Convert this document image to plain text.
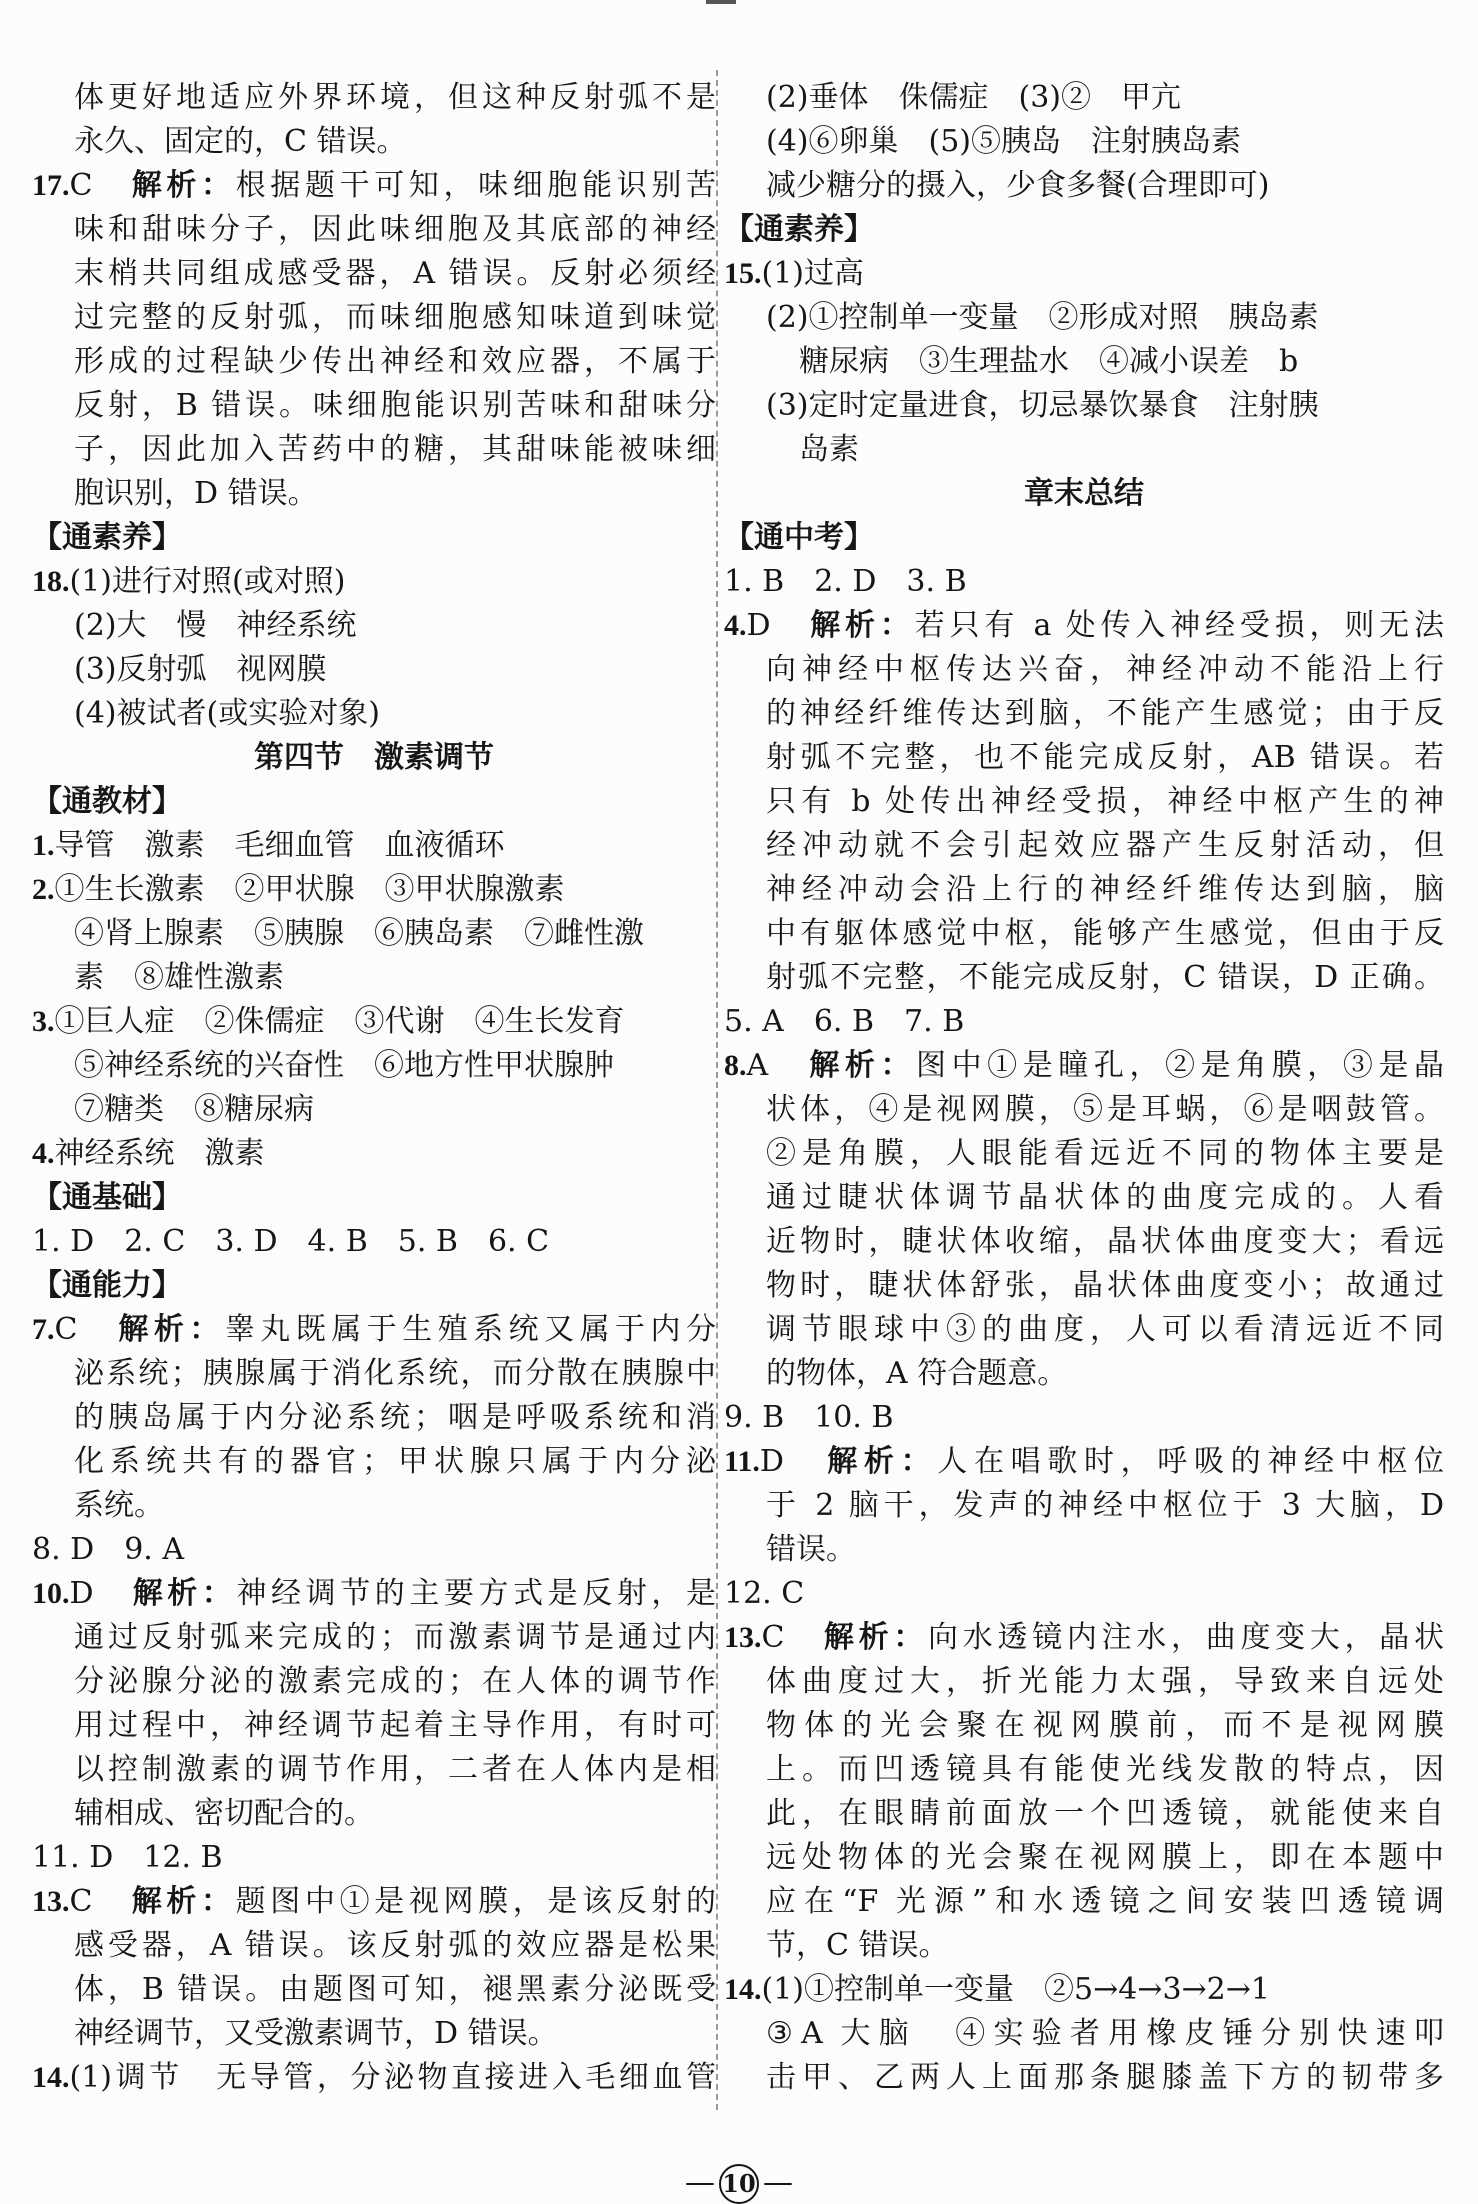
体更好地适应外界环境，但这种反射弧不是
永久、固定的，C 错误。
17.C　解析：根据题干可知，味细胞能识别苦
味和甜味分子，因此味细胞及其底部的神经
末梢共同组成感受器，A 错误。反射必须经
过完整的反射弧，而味细胞感知味道到味觉
形成的过程缺少传出神经和效应器，不属于
反射，B 错误。味细胞能识别苦味和甜味分
子，因此加入苦药中的糖，其甜味能被味细
胞识别，D 错误。
【通素养】
18.(1)进行对照(或对照)
(2)大　慢　神经系统
(3)反射弧　视网膜
(4)被试者(或实验对象)
第四节　激素调节
【通教材】
1.导管　激素　毛细血管　血液循环
2.①生长激素　②甲状腺　③甲状腺激素
④肾上腺素　⑤胰腺　⑥胰岛素　⑦雌性激
素　⑧雄性激素
3.①巨人症　②侏儒症　③代谢　④生长发育
⑤神经系统的兴奋性　⑥地方性甲状腺肿
⑦糖类　⑧糖尿病
4.神经系统　激素
【通基础】
1. D　2. C　3. D　4. B　5. B　6. C
【通能力】
7.C　解析：睾丸既属于生殖系统又属于内分
泌系统；胰腺属于消化系统，而分散在胰腺中
的胰岛属于内分泌系统；咽是呼吸系统和消
化系统共有的器官；甲状腺只属于内分泌
系统。
8. D　9. A
10.D　解析：神经调节的主要方式是反射，是
通过反射弧来完成的；而激素调节是通过内
分泌腺分泌的激素完成的；在人体的调节作
用过程中，神经调节起着主导作用，有时可
以控制激素的调节作用，二者在人体内是相
辅相成、密切配合的。
11. D　12. B
13.C　解析：题图中①是视网膜，是该反射的
感受器，A 错误。该反射弧的效应器是松果
体，B 错误。由题图可知，褪黑素分泌既受
神经调节，又受激素调节，D 错误。
14.(1)调节　无导管，分泌物直接进入毛细血管
(2)垂体　侏儒症　(3)②　甲亢
(4)⑥卵巢　(5)⑤胰岛　注射胰岛素
减少糖分的摄入，少食多餐(合理即可)
【通素养】
15.(1)过高
(2)①控制单一变量　②形成对照　胰岛素
糖尿病　③生理盐水　④减小误差　b
(3)定时定量进食，切忌暴饮暴食　注射胰
岛素
章末总结
【通中考】
1. B　2. D　3. B
4.D　解析：若只有 a 处传入神经受损，则无法
向神经中枢传达兴奋，神经冲动不能沿上行
的神经纤维传达到脑，不能产生感觉；由于反
射弧不完整，也不能完成反射，AB 错误。若
只有 b 处传出神经受损，神经中枢产生的神
经冲动就不会引起效应器产生反射活动，但
神经冲动会沿上行的神经纤维传达到脑，脑
中有躯体感觉中枢，能够产生感觉，但由于反
射弧不完整，不能完成反射，C 错误，D 正确。
5. A　6. B　7. B
8.A　解析：图中①是瞳孔，②是角膜，③是晶
状体，④是视网膜，⑤是耳蜗，⑥是咽鼓管。
②是角膜，人眼能看远近不同的物体主要是
通过睫状体调节晶状体的曲度完成的。人看
近物时，睫状体收缩，晶状体曲度变大；看远
物时，睫状体舒张，晶状体曲度变小；故通过
调节眼球中③的曲度，人可以看清远近不同
的物体，A 符合题意。
9. B　10. B
11.D　解析：人在唱歌时，呼吸的神经中枢位
于 2 脑干，发声的神经中枢位于 3 大脑，D
错误。
12. C
13.C　解析：向水透镜内注水，曲度变大，晶状
体曲度过大，折光能力太强，导致来自远处
物体的光会聚在视网膜前，而不是视网膜
上。而凹透镜具有能使光线发散的特点，因
此，在眼睛前面放一个凹透镜，就能使来自
远处物体的光会聚在视网膜上，即在本题中
应在“F 光源”和水透镜之间安装凹透镜调
节，C 错误。
14.(1)①控制单一变量　②5→4→3→2→1
③A 大脑　④实验者用橡皮锤分别快速叩
击甲、乙两人上面那条腿膝盖下方的韧带多
— 10 —
